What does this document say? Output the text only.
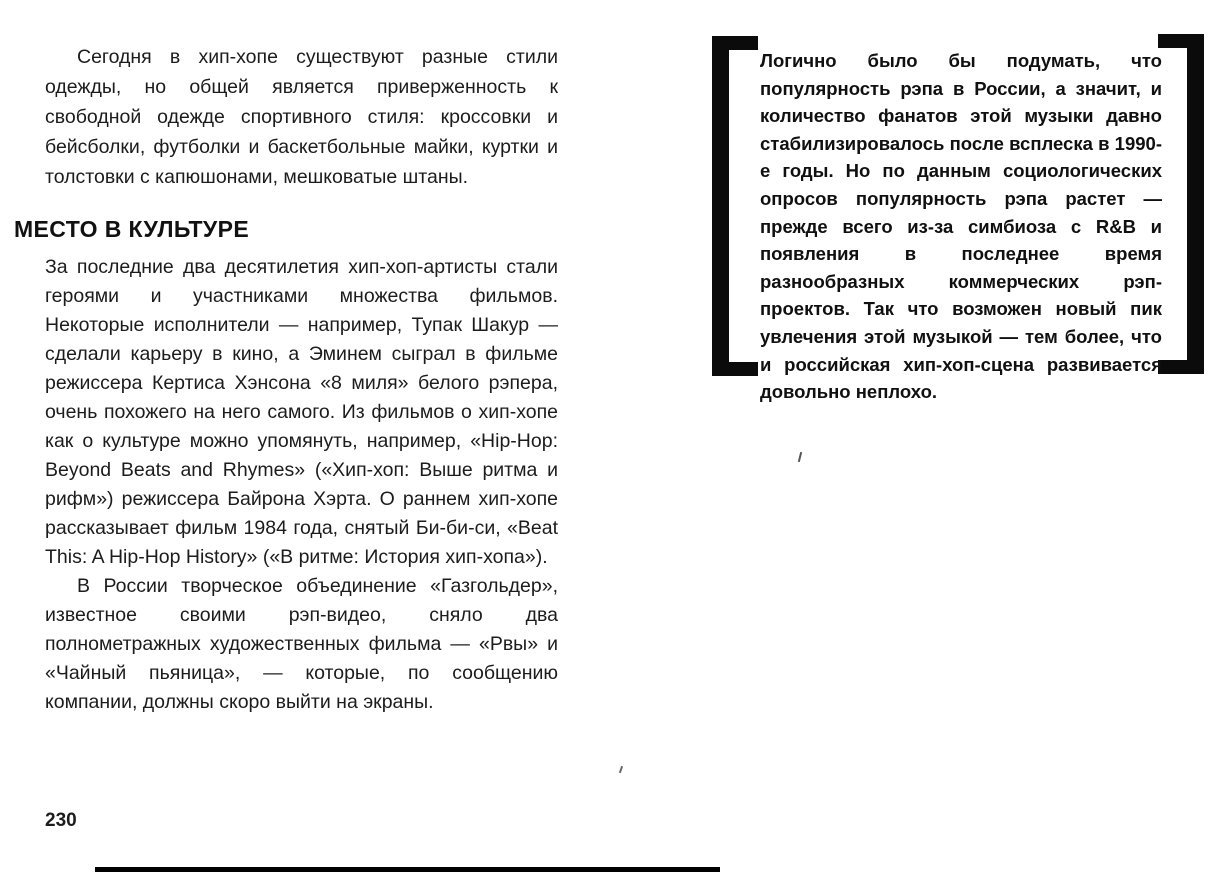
Сегодня в хип-хопе существуют разные стили одежды, но общей является приверженность к свободной одежде спортивного стиля: кроссовки и бейсболки, футболки и баскетбольные майки, куртки и толстовки с капюшонами, мешковатые штаны.

МЕСТО В КУЛЬТУРЕ

За последние два десятилетия хип-хоп-артисты стали героями и участниками множества фильмов. Некоторые исполнители — например, Тупак Шакур — сделали карьеру в кино, а Эминем сыграл в фильме режиссера Кертиса Хэнсона «8 миля» белого рэпера, очень похожего на него самого. Из фильмов о хип-хопе как о культуре можно упомянуть, например, «Hip-Hop: Beyond Beats and Rhymes» («Хип-хоп: Выше ритма и рифм») режиссера Байрона Хэрта. О раннем хип-хопе рассказывает фильм 1984 года, снятый Би-би-си, «Beat This: A Hip-Hop History» («В ритме: История хип-хопа»).

В России творческое объединение «Газгольдер», известное своими рэп-видео, сняло два полнометражных художественных фильма — «Рвы» и «Чайный пьяница», — которые, по сообщению компании, должны скоро выйти на экраны.

Логично было бы подумать, что популярность рэпа в России, а значит, и количество фанатов этой музыки давно стабилизировалось после всплеска в 1990-е годы. Но по данным социологических опросов популярность рэпа растет — прежде всего из-за симбиоза с R&B и появления в последнее время разнообразных коммерческих рэп-проектов. Так что возможен новый пик увлечения этой музыкой — тем более, что и российская хип-хоп-сцена развивается довольно неплохо.

230
